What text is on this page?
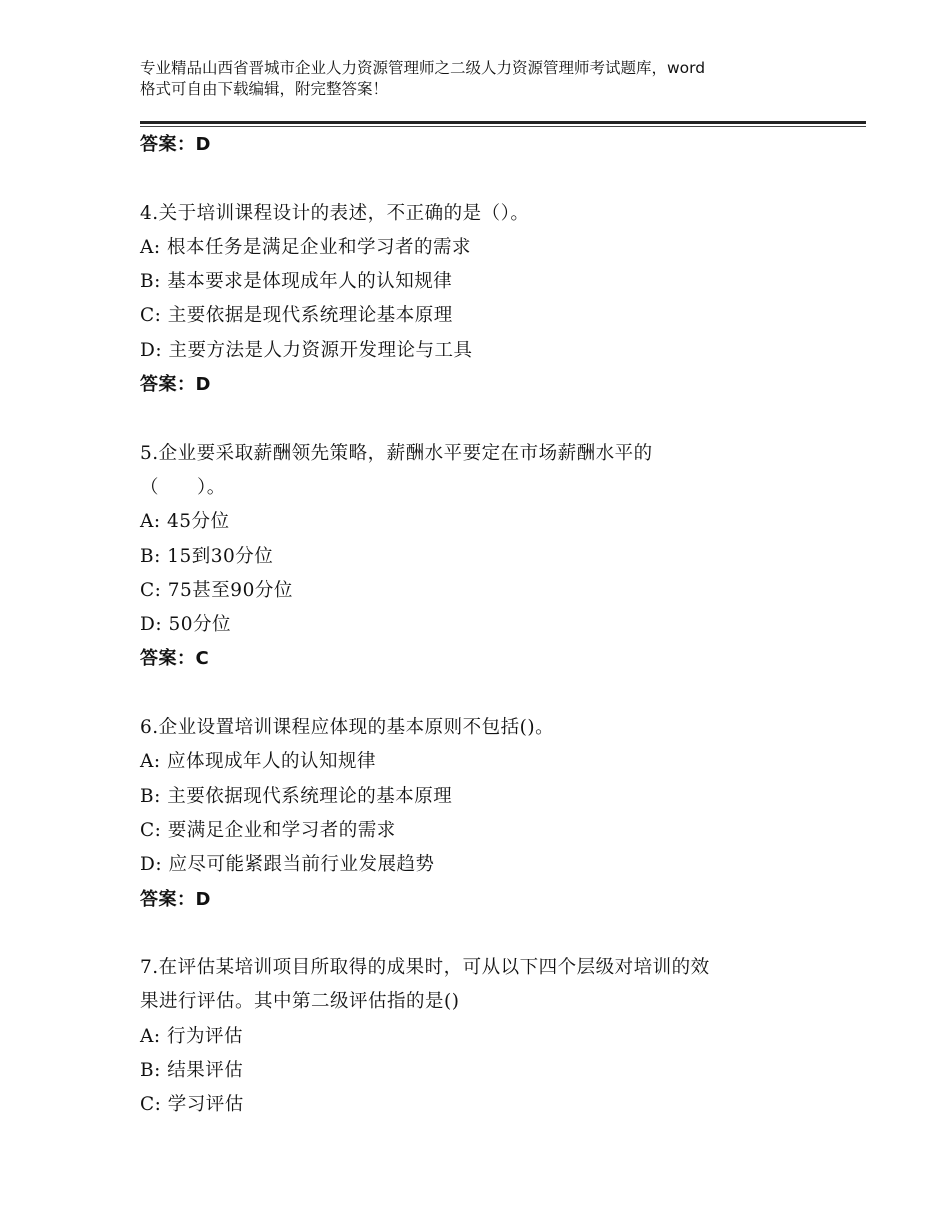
专业精品山西省晋城市企业人力资源管理师之二级人力资源管理师考试题库，word
格式可自由下载编辑，附完整答案！
答案：D
4.关于培训课程设计的表述，不正确的是（）。
A: 根本任务是满足企业和学习者的需求
B: 基本要求是体现成年人的认知规律
C: 主要依据是现代系统理论基本原理
D: 主要方法是人力资源开发理论与工具
答案：D
5.企业要采取薪酬领先策略，薪酬水平要定在市场薪酬水平的
（　　）。
A: 45分位
B: 15到30分位
C: 75甚至90分位
D: 50分位
答案：C
6.企业设置培训课程应体现的基本原则不包括()。
A: 应体现成年人的认知规律
B: 主要依据现代系统理论的基本原理
C: 要满足企业和学习者的需求
D: 应尽可能紧跟当前行业发展趋势
答案：D
7.在评估某培训项目所取得的成果时，可从以下四个层级对培训的效
果进行评估。其中第二级评估指的是()
A: 行为评估
B: 结果评估
C: 学习评估
